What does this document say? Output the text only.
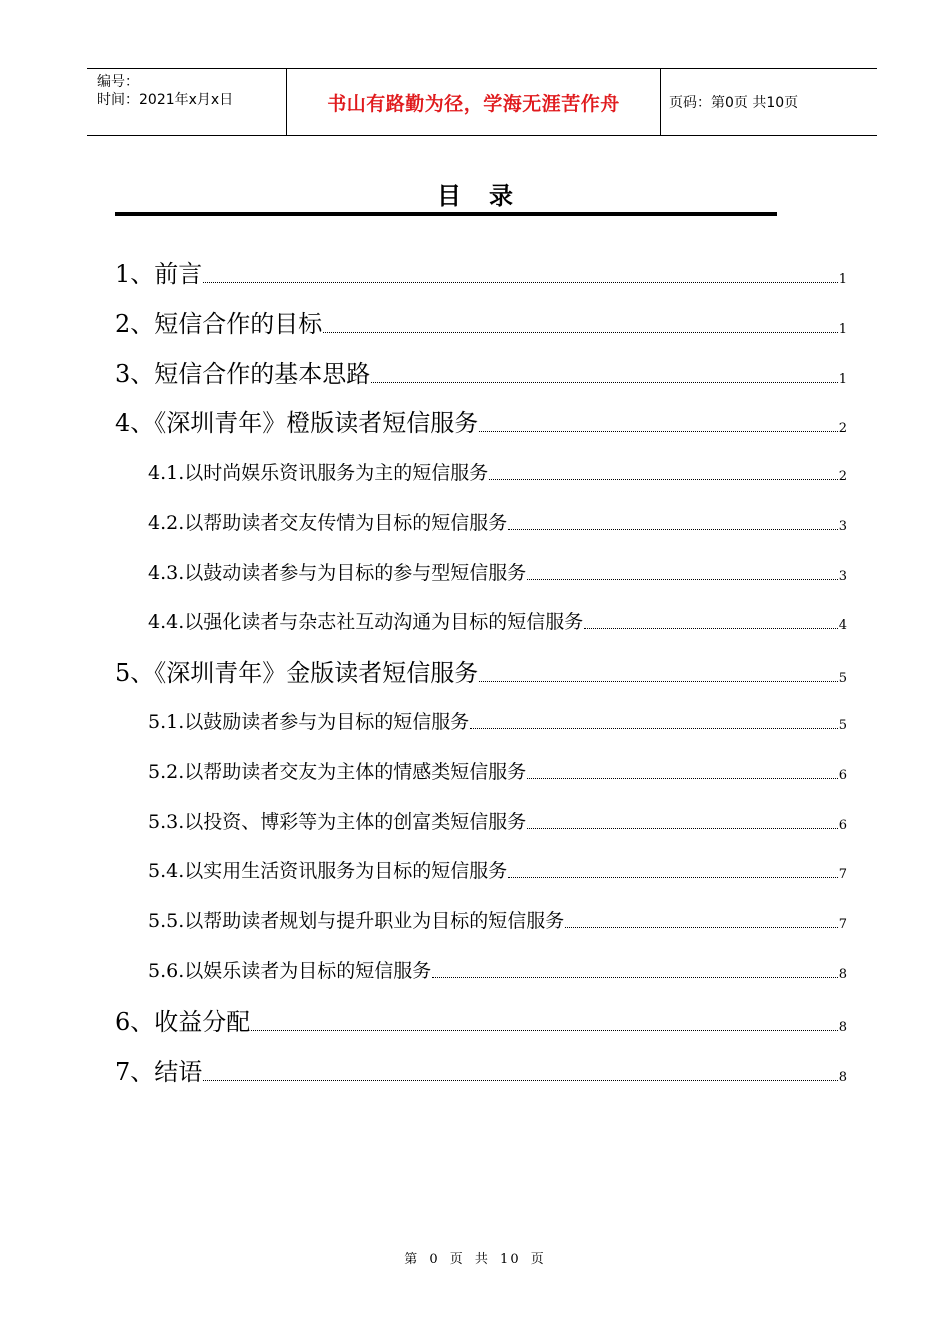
编号：
时间：2021年x月x日	书山有路勤为径，学海无涯苦作舟	页码：第0页 共10页
目录
1、前言	1
2、短信合作的目标	1
3、短信合作的基本思路	1
4、《深圳青年》橙版读者短信服务	2
4.1.以时尚娱乐资讯服务为主的短信服务	2
4.2.以帮助读者交友传情为目标的短信服务	3
4.3.以鼓动读者参与为目标的参与型短信服务	3
4.4.以强化读者与杂志社互动沟通为目标的短信服务	4
5、《深圳青年》金版读者短信服务	5
5.1.以鼓励读者参与为目标的短信服务	5
5.2.以帮助读者交友为主体的情感类短信服务	6
5.3.以投资、博彩等为主体的创富类短信服务	6
5.4.以实用生活资讯服务为目标的短信服务	7
5.5.以帮助读者规划与提升职业为目标的短信服务	7
5.6.以娱乐读者为目标的短信服务	8
6、收益分配	8
7、结语	8
第 0 页 共 10 页
